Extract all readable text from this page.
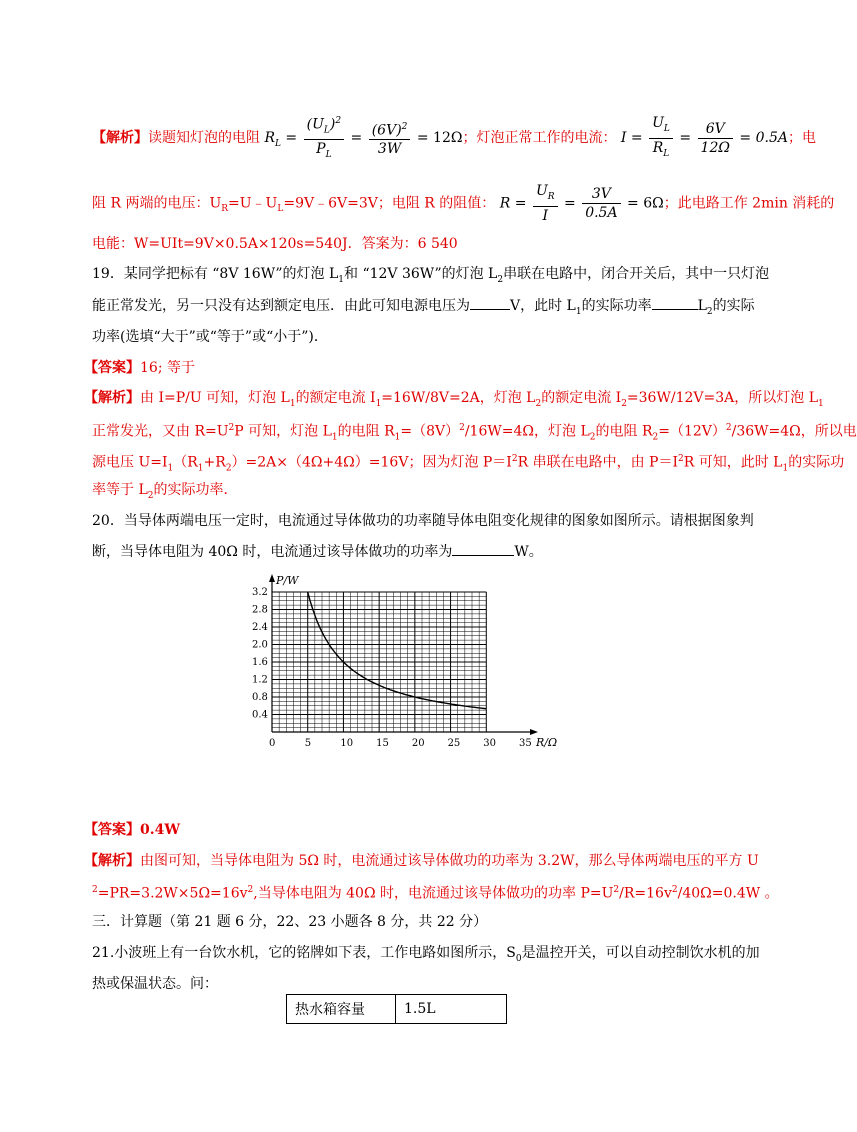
【解析】读题知灯泡的电阻 $R_L = \frac{(U_L)^2}{P_L} = \frac{(6V)^2}{3W} = 12\Omega$；灯泡正常工作的电流： $I = \frac{U_L}{R_L} = \frac{6V}{12\Omega} = 0.5A$；电
阻 R 两端的电压：$U_R=U﹣U_L=9V﹣6V=3V$；电阻 R 的阻值： $R = \frac{U_R}{I} = \frac{3V}{0.5A} = 6\Omega$；此电路工作 2min 消耗的
电能：W=UIt=9V×0.5A×120s=540J．答案为：6 540
19．某同学把标有 “8V 16W”的灯泡 $L_1$和 “12V 36W”的灯泡 $L_2$串联在电路中，闭合开关后，其中一只灯泡
能正常发光，另一只没有达到额定电压．由此可知电源电压为	V，此时 $L_1$的实际功率	$L_2$的实际
功率(选填“大于”或“等于”或“小于”)．
【答案】16; 等于
【解析】由 I=P/U 可知，灯泡 $L_1$的额定电流 $I_1=16W/8V=2A$，灯泡 $L_2$的额定电流 $I_2=36W/12V=3A$，所以灯泡 $L_1$
正常发光，又由 $R=U^2P$ 可知，灯泡 $L_1$的电阻 $R_1=(8V)^2/16W=4\Omega$，灯泡 $L_2$的电阻 $R_2=(12V)^2/36W=4\Omega$，所以电
源电压 $U=I_1(R_1+R_2)=2A\times(4\Omega+4\Omega)=16V$；因为灯泡 $P=I^2R$ 串联在电路中，由 $P=I^2R$ 可知，此时 $L_1$的实际功
率等于 $L_2$的实际功率．
20．当导体两端电压一定时，电流通过导体做功的功率随导体电阻变化规律的图象如图所示。请根据图象判
断，当导体电阻为 40Ω 时，电流通过该导体做功的功率为	W。
0	5	10 15 20 25 30 35
0.4
0.8
1.2
1.6
2.0
2.4
2.8
3.2
P/W
R/Ω
【答案】0.4W
【解析】由图可知，当导体电阻为 5Ω 时，电流通过该导体做功的功率为 3.2W，那么导体两端电压的平方 U
$^2=PR=3.2W\times 5\Omega=16v^2$,当导体电阻为 40Ω 时，电流通过该导体做功的功率 $P=U^2/R=16v^2/40\Omega=0.4W$ 。
三．计算题（第 21 题 6 分，22、23 小题各 8 分，共 22 分）
21.小波班上有一台饮水机，它的铭牌如下表，工作电路如图所示，$S_0$是温控开关，可以自动控制饮水机的加
热或保温状态。问：
热水箱容量	1.5L
